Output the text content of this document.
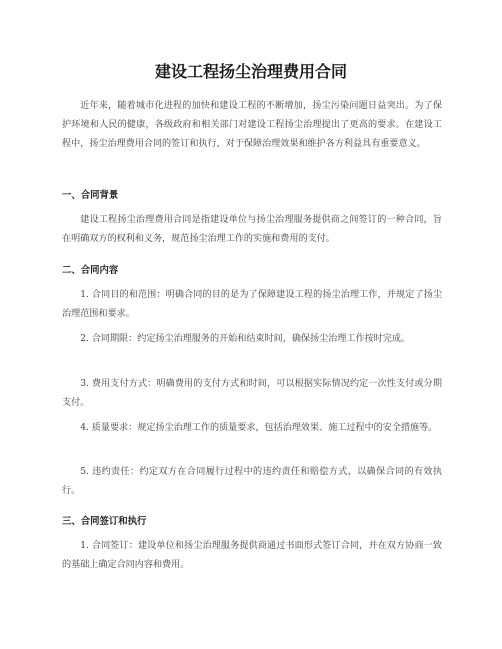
建设工程扬尘治理费用合同

近年来，随着城市化进程的加快和建设工程的不断增加，扬尘污染问题日益突出。为了保护环境和人民的健康，各级政府和相关部门对建设工程扬尘治理提出了更高的要求。在建设工程中，扬尘治理费用合同的签订和执行，对于保障治理效果和维护各方利益具有重要意义。

一、合同背景

建设工程扬尘治理费用合同是指建设单位与扬尘治理服务提供商之间签订的一种合同，旨在明确双方的权利和义务，规范扬尘治理工作的实施和费用的支付。

二、合同内容

1. 合同目的和范围：明确合同的目的是为了保障建设工程的扬尘治理工作，并规定了扬尘治理范围和要求。

2. 合同期限：约定扬尘治理服务的开始和结束时间，确保扬尘治理工作按时完成。

3. 费用支付方式：明确费用的支付方式和时间，可以根据实际情况约定一次性支付或分期支付。

4. 质量要求：规定扬尘治理工作的质量要求，包括治理效果、施工过程中的安全措施等。

5. 违约责任：约定双方在合同履行过程中的违约责任和赔偿方式，以确保合同的有效执行。

三、合同签订和执行

1. 合同签订：建设单位和扬尘治理服务提供商通过书面形式签订合同，并在双方协商一致的基础上确定合同内容和费用。
